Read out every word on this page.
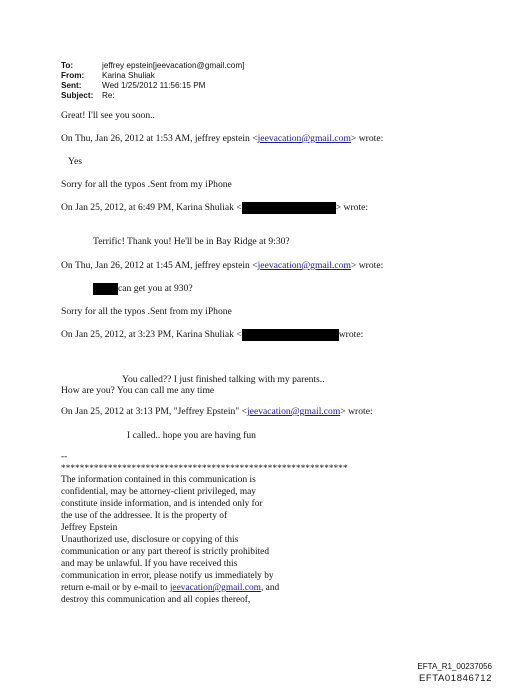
To:	jeffrey epstein[jeevacation@gmail.com]
From: Karina Shuliak
Sent:	Wed 1/25/2012 11:56:15 PM
Subject: Re:
Great! I'll see you soon..
On Thu, Jan 26, 2012 at 1:53 AM, jeffrey epstein <jeevacation@gmail.com> wrote:
Yes
Sorry for all the typos .Sent from my iPhone
On Jan 25, 2012, at 6:49 PM, Karina Shuliak <	> wrote:
Terrific! Thank you! He'll be in Bay Ridge at 9:30?
On Thu, Jan 26, 2012 at 1:45 AM, jeffrey epstein <jeevacation@gmail.com> wrote:
can get you at 930?
Sorry for all the typos .Sent from my iPhone
On Jan 25, 2012, at 3:23 PM, Karina Shuliak <	wrote:
You called?? I just finished talking with my parents..
How are you? You can call me any time
On Jan 25, 2012 at 3:13 PM, "Jeffrey Epstein" <jeevacation@gmail.com> wrote:
I called.. hope you are having fun
--
*************************************************************
The information contained in this communication is
confidential, may be attorney-client privileged, may
constitute inside information, and is intended only for
the use of the addressee. It is the property of
Jeffrey Epstein
Unauthorized use, disclosure or copying of this
communication or any part thereof is strictly prohibited
and may be unlawful. If you have received this
communication in error, please notify us immediately by
return e-mail or by e-mail to jeevacation@gmail.com, and
destroy this communication and all copies thereof,
EFTA_R1_00237056
EFTA01846712
